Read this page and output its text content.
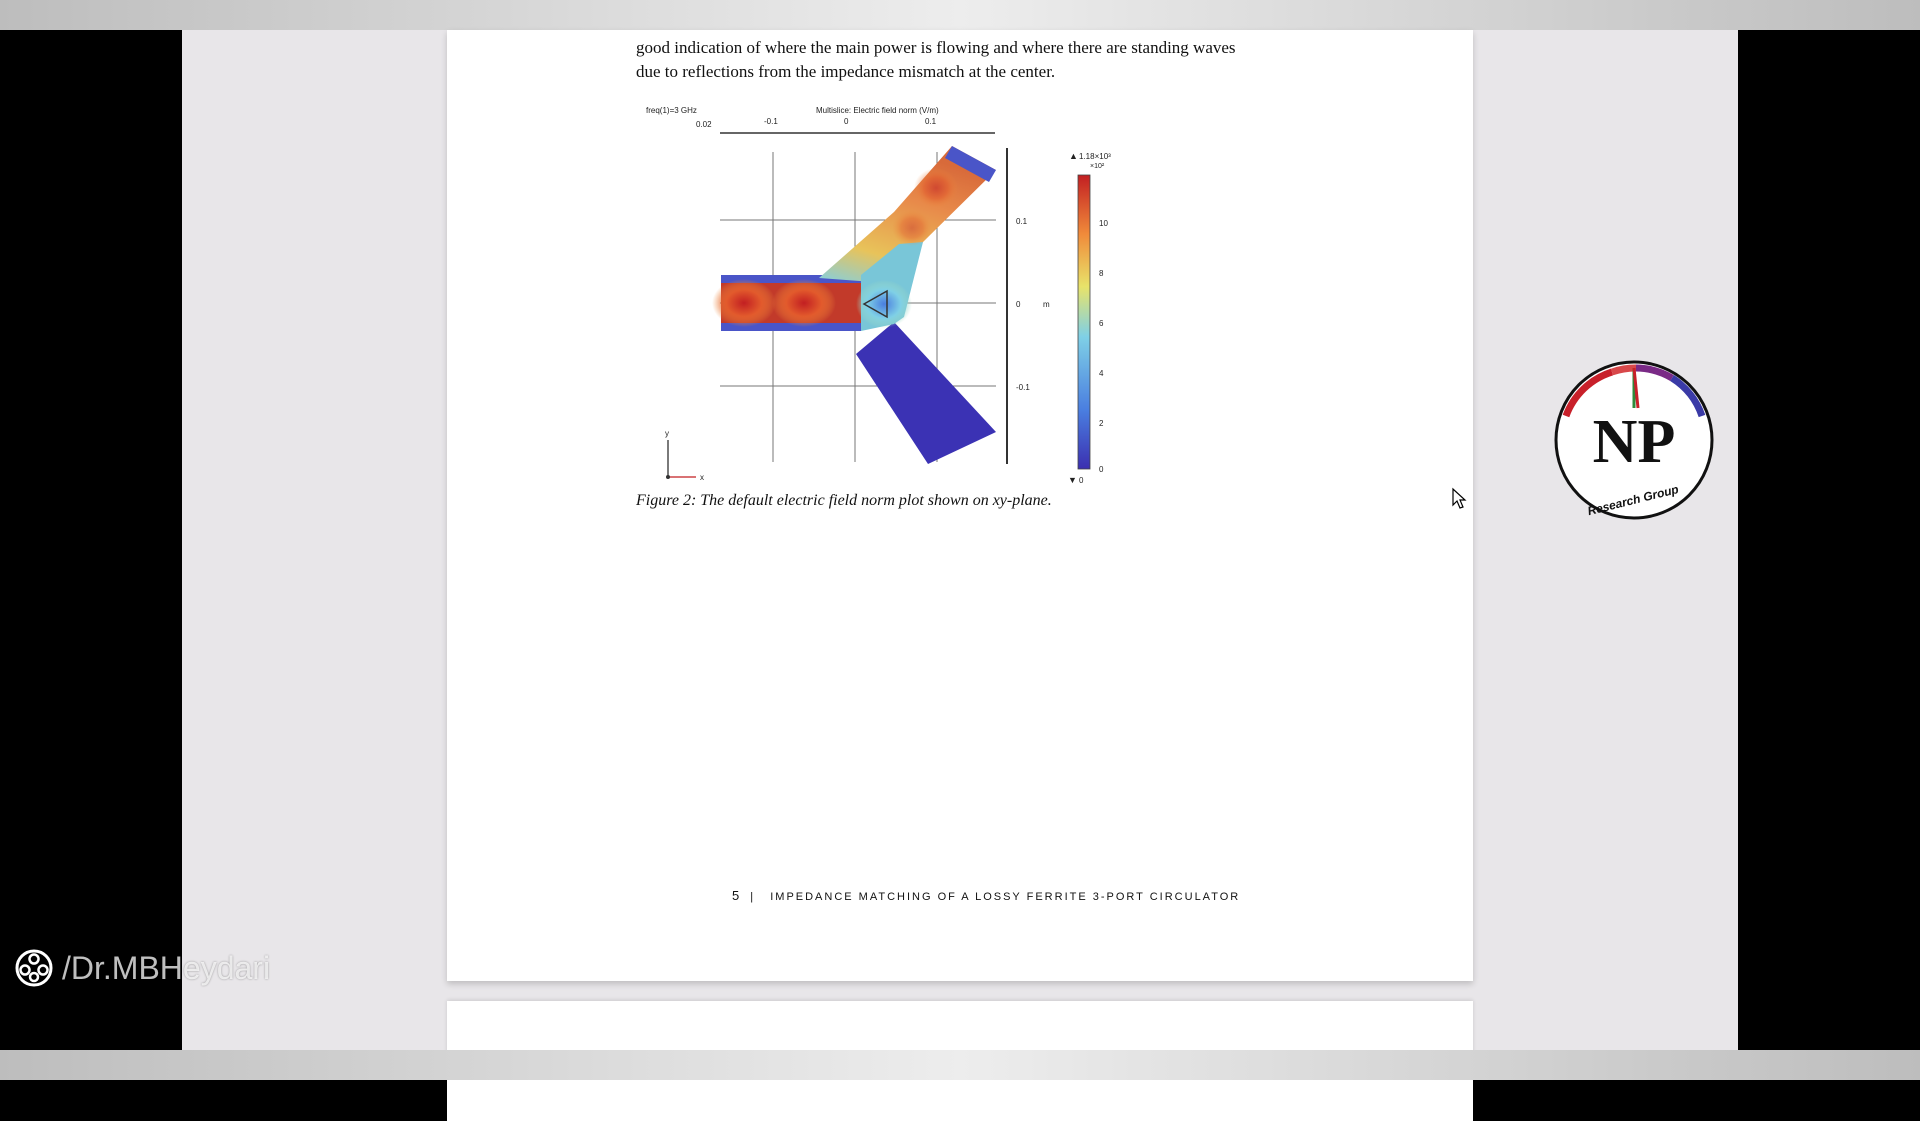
good indication of where the main power is flowing and where there are standing waves
due to reflections from the impedance mismatch at the center.

freq(1)=3 GHz
0.02
Multislice: Electric field norm (V/m)
-0.1	0	0.1
0.1
0
-0.1
m
▲ 1.18×10³
×10²
10
8
6
4
2
0
▼ 0
y
x

Figure 2: The default electric field norm plot shown on xy-plane.

5 | IMPEDANCE MATCHING OF A LOSSY FERRITE 3-PORT CIRCULATOR
NP
Research Group
/Dr.MBHeydari
